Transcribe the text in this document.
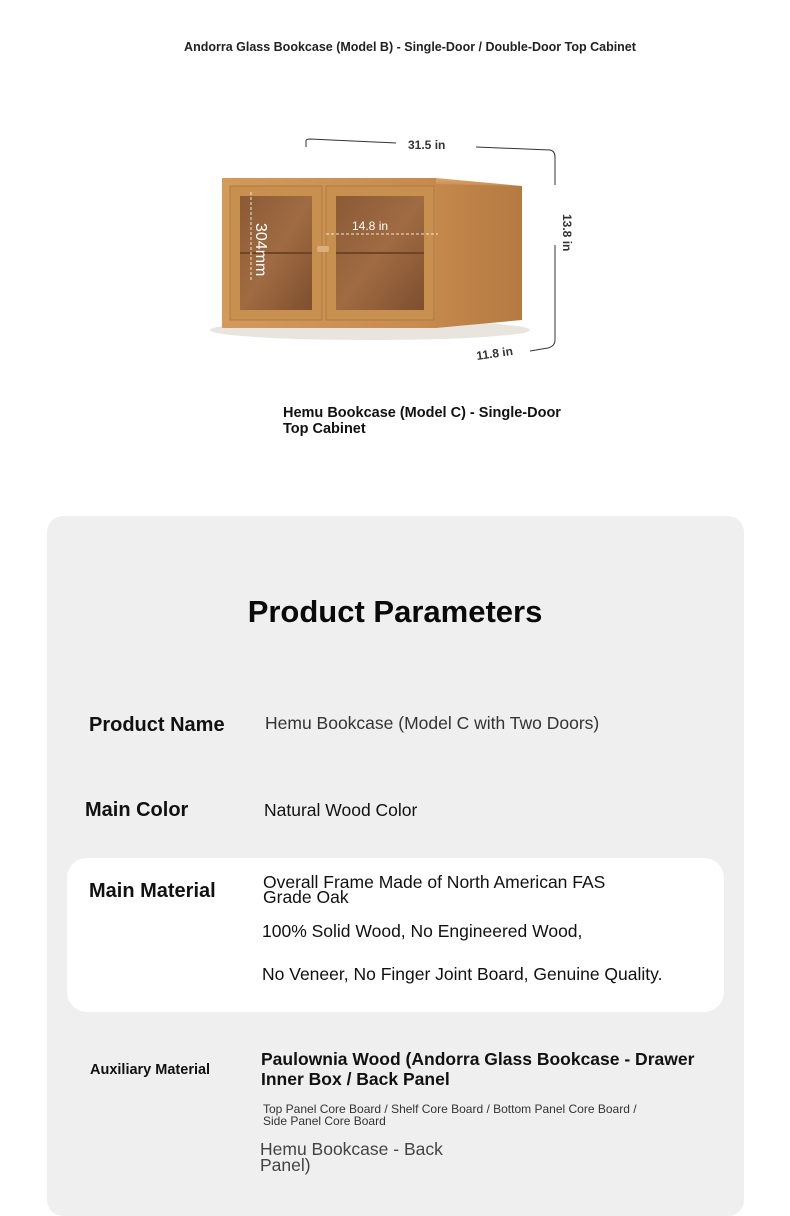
Andorra Glass Bookcase (Model B) - Single-Door / Double-Door Top Cabinet
304mm	14.8 in
31.5 in
13.8 in
11.8 in
Hemu Bookcase (Model C) - Single-Door Top Cabinet
Product Parameters
Product Name Hemu Bookcase (Model C with Two Doors)
Main Color	Natural Wood Color
Main Material	Overall Frame Made of North American FAS Grade Oak
100% Solid Wood, No Engineered Wood,
No Veneer, No Finger Joint Board, Genuine Quality.
Auxiliary Material
Paulownia Wood (Andorra Glass Bookcase - Drawer Inner Box / Back Panel
Top Panel Core Board / Shelf Core Board / Bottom Panel Core Board / Side Panel Core Board
Hemu Bookcase - Back Panel)
